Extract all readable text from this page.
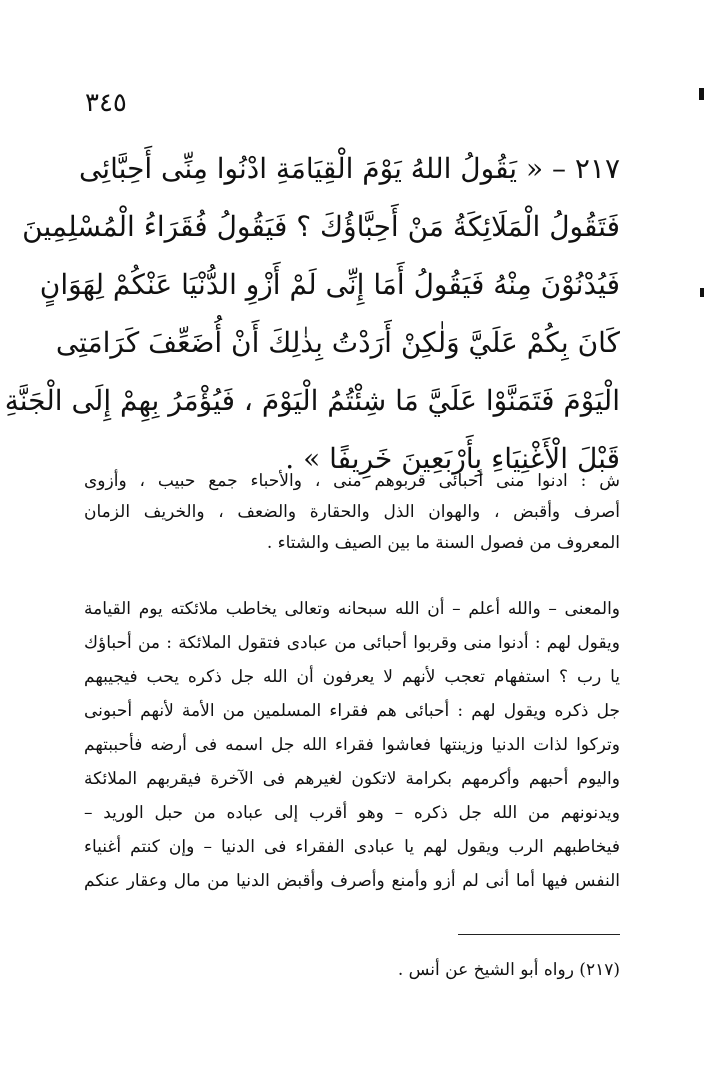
٣٤٥
٢١٧ – « يَقُولُ اللهُ يَوْمَ الْقِيَامَةِ ادْنُوا مِنِّى أَحِبَّائِى
فَتَقُولُ الْمَلَائِكَةُ مَنْ أَحِبَّاؤُكَ ؟ فَيَقُولُ فُقَرَاءُ الْمُسْلِمِينَ
فَيُدْنُوْنَ مِنْهُ فَيَقُولُ أَمَا إِنِّى لَمْ أَزْوِ الدُّنْيَا عَنْكُمْ لِهَوَانٍ
كَانَ بِكُمْ عَلَيَّ وَلٰكِنْ أَرَدْتُ بِذٰلِكَ أَنْ أُضَعِّفَ كَرَامَتِى
الْيَوْمَ فَتَمَنَّوْا عَلَيَّ مَا شِئْتُمُ الْيَوْمَ ، فَيُؤْمَرُ بِهِمْ إِلَى الْجَنَّةِ
قَبْلَ الْأَغْنِيَاءِ بِأَرْبَعِينَ خَرِيفًا » .
ش : ادنوا منى أحبائى قربوهم منى ، والأحباء جمع حبيب ، وأزوى
أصرف وأقبض ، والهوان الذل والحقارة والضعف ، والخريف الزمان
المعروف من فصول السنة ما بين الصيف والشتاء .
والمعنى – والله أعلم – أن الله سبحانه وتعالى يخاطب ملائكته يوم القيامة
ويقول لهم : أدنوا منى وقربوا أحبائى من عبادى فتقول الملائكة : من أحباؤك
يا رب ؟ استفهام تعجب لأنهم لا يعرفون أن الله جل ذكره يحب فيجيبهم
جل ذكره ويقول لهم : أحبائى هم فقراء المسلمين من الأمة لأنهم أحبونى
وتركوا لذات الدنيا وزينتها فعاشوا فقراء الله جل اسمه فى أرضه فأحببتهم
واليوم أحبهم وأكرمهم بكرامة لاتكون لغيرهم فى الآخرة فيقربهم الملائكة
ويدنونهم من الله جل ذكره – وهو أقرب إلى عباده من حبل الوريد –
فيخاطبهم الرب ويقول لهم يا عبادى الفقراء فى الدنيا – وإن كنتم أغنياء
النفس فيها أما أنى لم أزو وأمنع وأصرف وأقبض الدنيا من مال وعقار عنكم
(٢١٧) رواه أبو الشيخ عن أنس .
